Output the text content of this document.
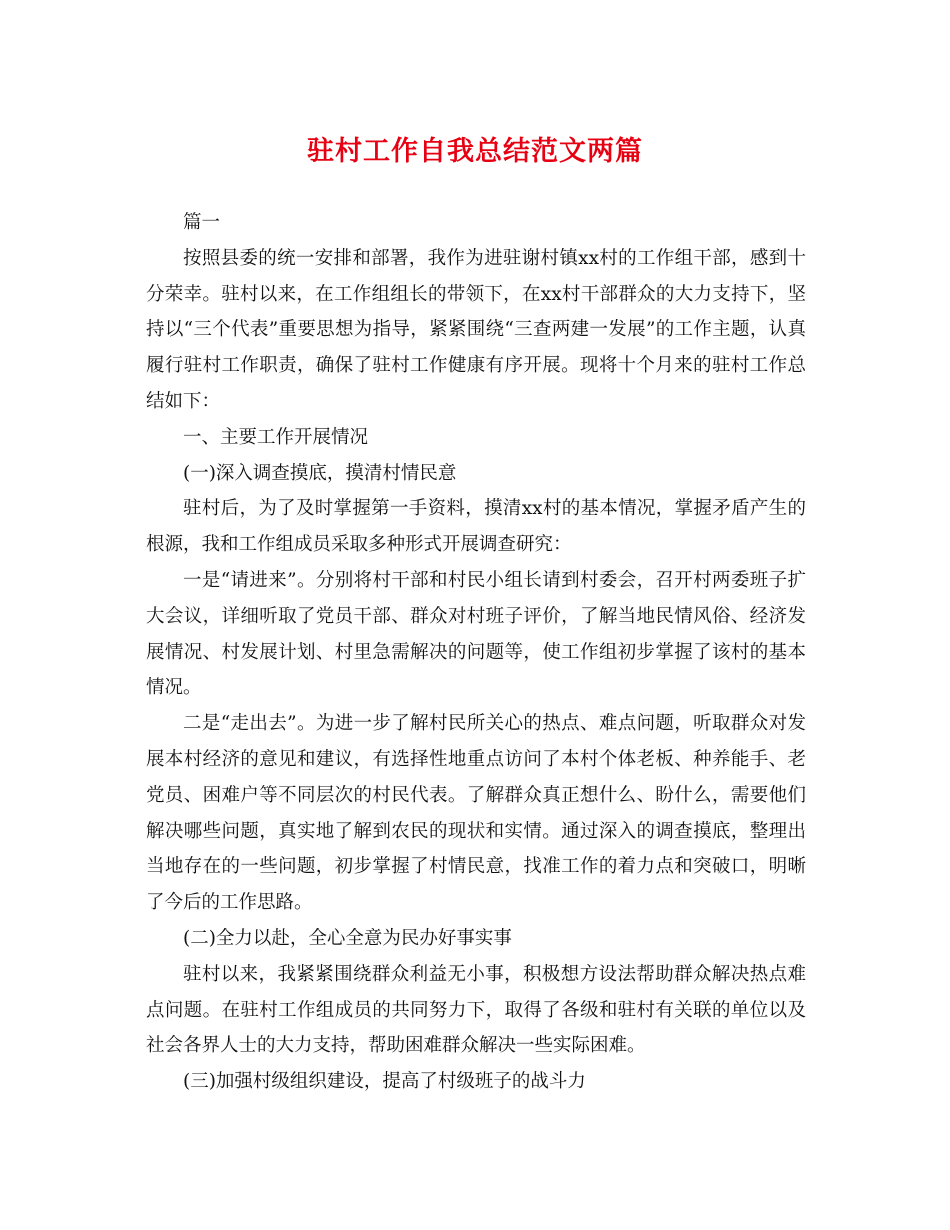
驻村工作自我总结范文两篇

篇一

按照县委的统一安排和部署，我作为进驻谢村镇xx村的工作组干部，感到十分荣幸。驻村以来，在工作组组长的带领下，在xx村干部群众的大力支持下，坚持以“三个代表”重要思想为指导，紧紧围绕“三查两建一发展”的工作主题，认真履行驻村工作职责，确保了驻村工作健康有序开展。现将十个月来的驻村工作总结如下：

一、主要工作开展情况

(一)深入调查摸底，摸清村情民意

驻村后，为了及时掌握第一手资料，摸清xx村的基本情况，掌握矛盾产生的根源，我和工作组成员采取多种形式开展调查研究：

一是“请进来”。分别将村干部和村民小组长请到村委会，召开村两委班子扩大会议，详细听取了党员干部、群众对村班子评价，了解当地民情风俗、经济发展情况、村发展计划、村里急需解决的问题等，使工作组初步掌握了该村的基本情况。

二是“走出去”。为进一步了解村民所关心的热点、难点问题，听取群众对发展本村经济的意见和建议，有选择性地重点访问了本村个体老板、种养能手、老党员、困难户等不同层次的村民代表。了解群众真正想什么、盼什么，需要他们解决哪些问题，真实地了解到农民的现状和实情。通过深入的调查摸底，整理出当地存在的一些问题，初步掌握了村情民意，找准工作的着力点和突破口，明晰了今后的工作思路。

(二)全力以赴，全心全意为民办好事实事

驻村以来，我紧紧围绕群众利益无小事，积极想方设法帮助群众解决热点难点问题。在驻村工作组成员的共同努力下，取得了各级和驻村有关联的单位以及社会各界人士的大力支持，帮助困难群众解决一些实际困难。

(三)加强村级组织建设，提高了村级班子的战斗力
